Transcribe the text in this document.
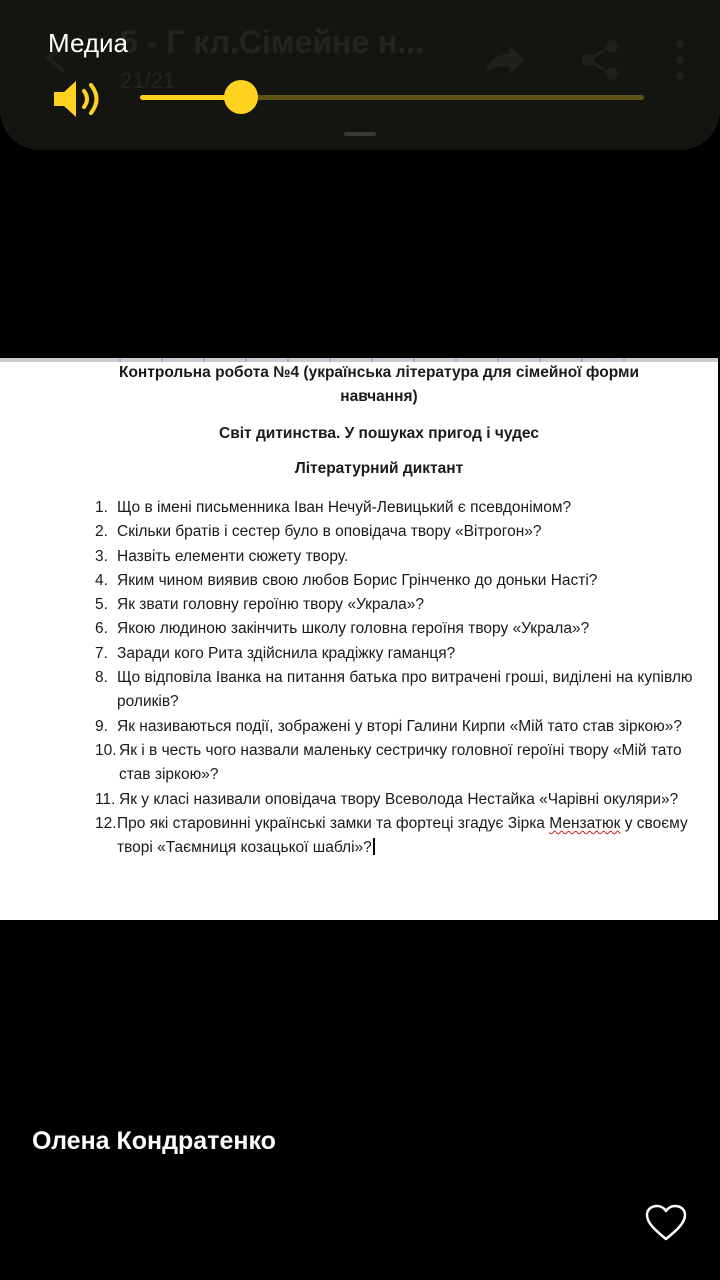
Медиа
Контрольна робота №4 (українська література для сімейної форми
навчання)
Світ дитинства. У пошуках пригод і чудес
Літературний диктант
1. Що в імені письменника Іван Нечуй-Левицький є псевдонімом?
2. Скільки братів і сестер було в оповідача твору «Вітрогон»?
3. Назвіть елементи сюжету твору.
4. Яким чином виявив свою любов Борис Грінченко до доньки Насті?
5. Як звати головну героїню твору «Украла»?
6. Якою людиною закінчить школу головна героїня твору «Украла»?
7. Заради кого Рита здійснила крадіжку гаманця?
8. Що відповіла Іванка на питання батька про витрачені гроші, виділені на купівлю роликів?
9. Як називаються події, зображені у вторі Галини Кирпи «Мій тато став зіркою»?
10. Як і в честь чого назвали маленьку сестричку головної героїні твору «Мій тато став зіркою»?
11. Як у класі називали оповідача твору Всеволода Нестайка «Чарівні окуляри»?
12. Про які старовинні українські замки та фортеці згадує Зірка Мензатюк у своєму творі «Таємниця козацької шаблі»?
Олена Кондратенко
